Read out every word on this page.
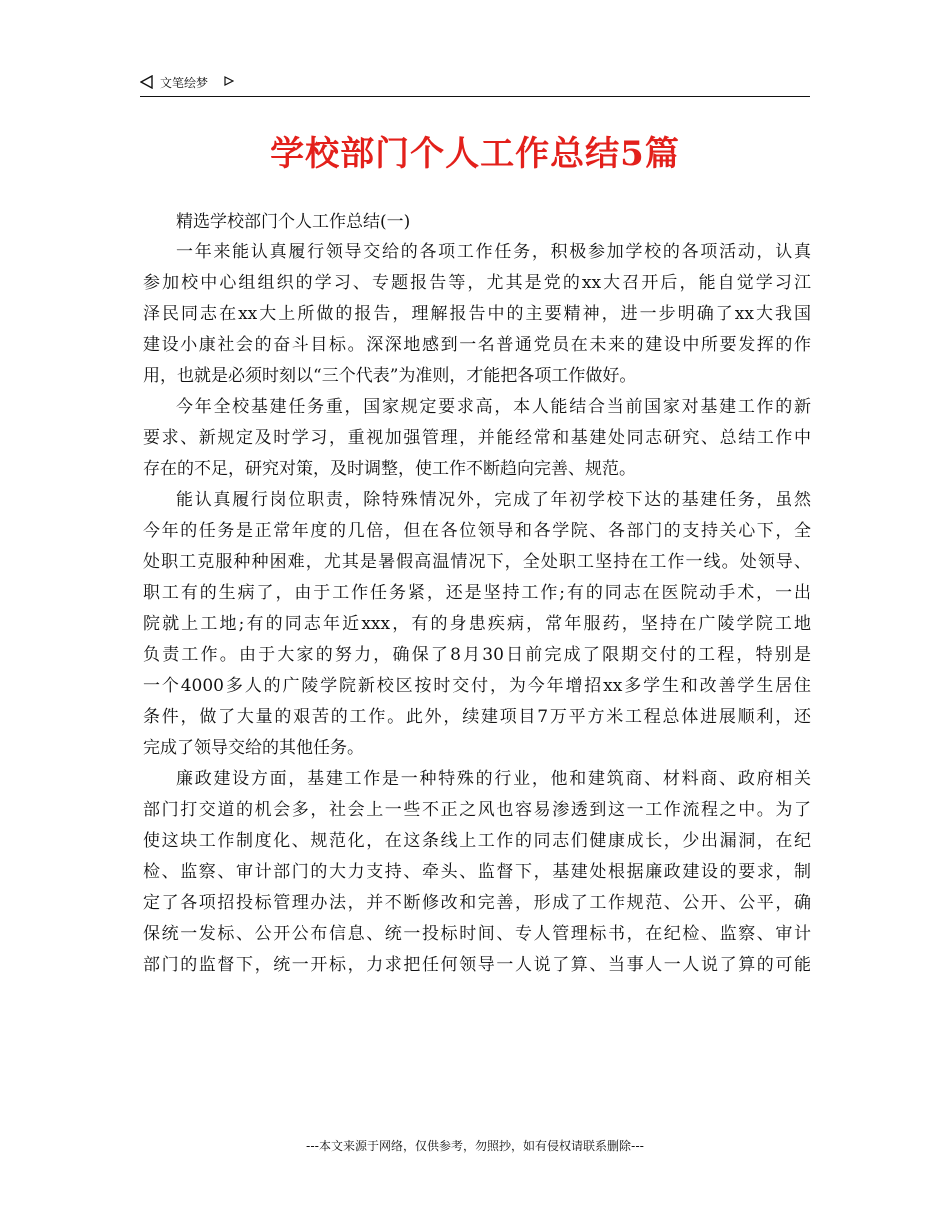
文笔绘梦
学校部门个人工作总结5篇
精选学校部门个人工作总结(一)
一年来能认真履行领导交给的各项工作任务，积极参加学校的各项活动，认真
参加校中心组组织的学习、专题报告等，尤其是党的xx大召开后，能自觉学习江
泽民同志在xx大上所做的报告，理解报告中的主要精神，进一步明确了xx大我国
建设小康社会的奋斗目标。深深地感到一名普通党员在未来的建设中所要发挥的作
用，也就是必须时刻以“三个代表”为准则，才能把各项工作做好。
今年全校基建任务重，国家规定要求高，本人能结合当前国家对基建工作的新
要求、新规定及时学习，重视加强管理，并能经常和基建处同志研究、总结工作中
存在的不足，研究对策，及时调整，使工作不断趋向完善、规范。
能认真履行岗位职责，除特殊情况外，完成了年初学校下达的基建任务，虽然
今年的任务是正常年度的几倍，但在各位领导和各学院、各部门的支持关心下，全
处职工克服种种困难，尤其是暑假高温情况下，全处职工坚持在工作一线。处领导、
职工有的生病了，由于工作任务紧，还是坚持工作;有的同志在医院动手术，一出
院就上工地;有的同志年近xxx，有的身患疾病，常年服药，坚持在广陵学院工地
负责工作。由于大家的努力，确保了8月30日前完成了限期交付的工程，特别是
一个4000多人的广陵学院新校区按时交付，为今年增招xx多学生和改善学生居住
条件，做了大量的艰苦的工作。此外，续建项目7万平方米工程总体进展顺利，还
完成了领导交给的其他任务。
廉政建设方面，基建工作是一种特殊的行业，他和建筑商、材料商、政府相关
部门打交道的机会多，社会上一些不正之风也容易渗透到这一工作流程之中。为了
使这块工作制度化、规范化，在这条线上工作的同志们健康成长，少出漏洞，在纪
检、监察、审计部门的大力支持、牵头、监督下，基建处根据廉政建设的要求，制
定了各项招投标管理办法，并不断修改和完善，形成了工作规范、公开、公平，确
保统一发标、公开公布信息、统一投标时间、专人管理标书，在纪检、监察、审计
部门的监督下，统一开标，力求把任何领导一人说了算、当事人一人说了算的可能
---本文来源于网络，仅供参考，勿照抄，如有侵权请联系删除---
